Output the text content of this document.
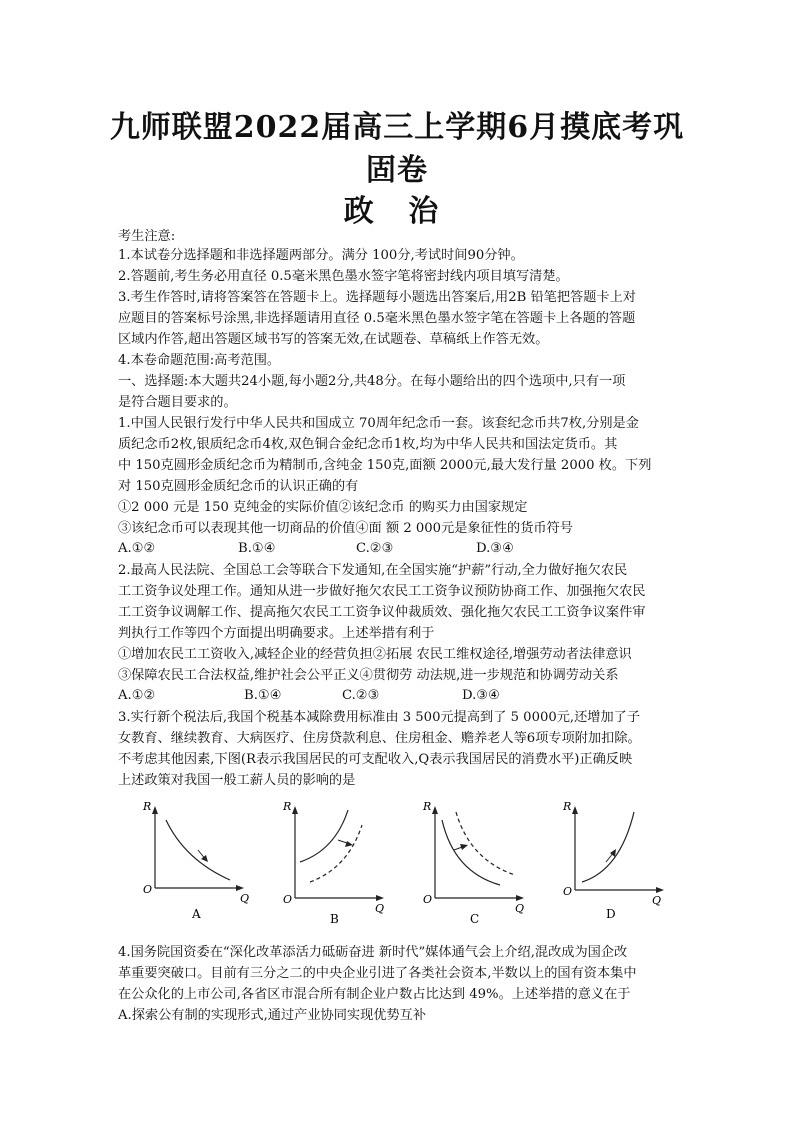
九师联盟2022届高三上学期6月摸底考巩
固卷
政 治
考生注意:
1.本试卷分选择题和非选择题两部分。满分 100分,考试时间90分钟。
2.答题前,考生务必用直径 0.5毫米黑色墨水签字笔将密封线内项目填写清楚。
3.考生作答时,请将答案答在答题卡上。选择题每小题选出答案后,用2B 铅笔把答题卡上对
应题目的答案标号涂黑,非选择题请用直径 0.5毫米黑色墨水签字笔在答题卡上各题的答题
区域内作答,超出答题区域书写的答案无效,在试题卷、草稿纸上作答无效。
4.本卷命题范围:高考范围。
一、选择题:本大题共24小题,每小题2分,共48分。在每小题给出的四个选项中,只有一项
是符合题目要求的。
1.中国人民银行发行中华人民共和国成立 70周年纪念币一套。该套纪念币共7枚,分别是金
质纪念币2枚,银质纪念币4枚,双色铜合金纪念币1枚,均为中华人民共和国法定货币。其
中 150克圆形金质纪念币为精制币,含纯金 150克,面额 2000元,最大发行量 2000 枚。下列
对 150克圆形金质纪念币的认识正确的有
①2 000 元是 150 克纯金的实际价值②该纪念币 的购买力由国家规定
③该纪念币可以表现其他一切商品的价值④面 额 2 000元是象征性的货币符号
A.①②	B.①④	C.②③	D.③④
2.最高人民法院、全国总工会等联合下发通知,在全国实施“护薪”行动,全力做好拖欠农民
工工资争议处理工作。通知从进一步做好拖欠农民工工资争议预防协商工作、加强拖欠农民
工工资争议调解工作、提高拖欠农民工工资争议仲裁质效、强化拖欠农民工工资争议案件审
判执行工作等四个方面提出明确要求。上述举措有利于
①增加农民工工资收入,减轻企业的经营负担②拓展 农民工维权途径,增强劳动者法律意识
③保障农民工合法权益,维护社会公平正义④贯彻劳 动法规,进一步规范和协调劳动关系
A.①②	B.①④	C.②③	D.③④
3.实行新个税法后,我国个税基本减除费用标准由 3 500元提高到了 5 0000元,还增加了子
女教育、继续教育、大病医疗、住房贷款利息、住房租金、赡养老人等6项专项附加扣除。
不考虑其他因素,下图(R表示我国居民的可支配收入,Q表示我国居民的消费水平)正确反映
上述政策对我国一般工薪人员的影响的是
R
Q
O
A
R
Q
O
B
R
Q
O
C
R
Q
O
D
4.国务院国资委在“深化改革添活力砥砺奋进 新时代”媒体通气会上介绍,混改成为国企改
革重要突破口。目前有三分之二的中央企业引进了各类社会资本,半数以上的国有资本集中
在公众化的上市公司,各省区市混合所有制企业户数占比达到 49%。上述举措的意义在于
A.探索公有制的实现形式,通过产业协同实现优势互补
